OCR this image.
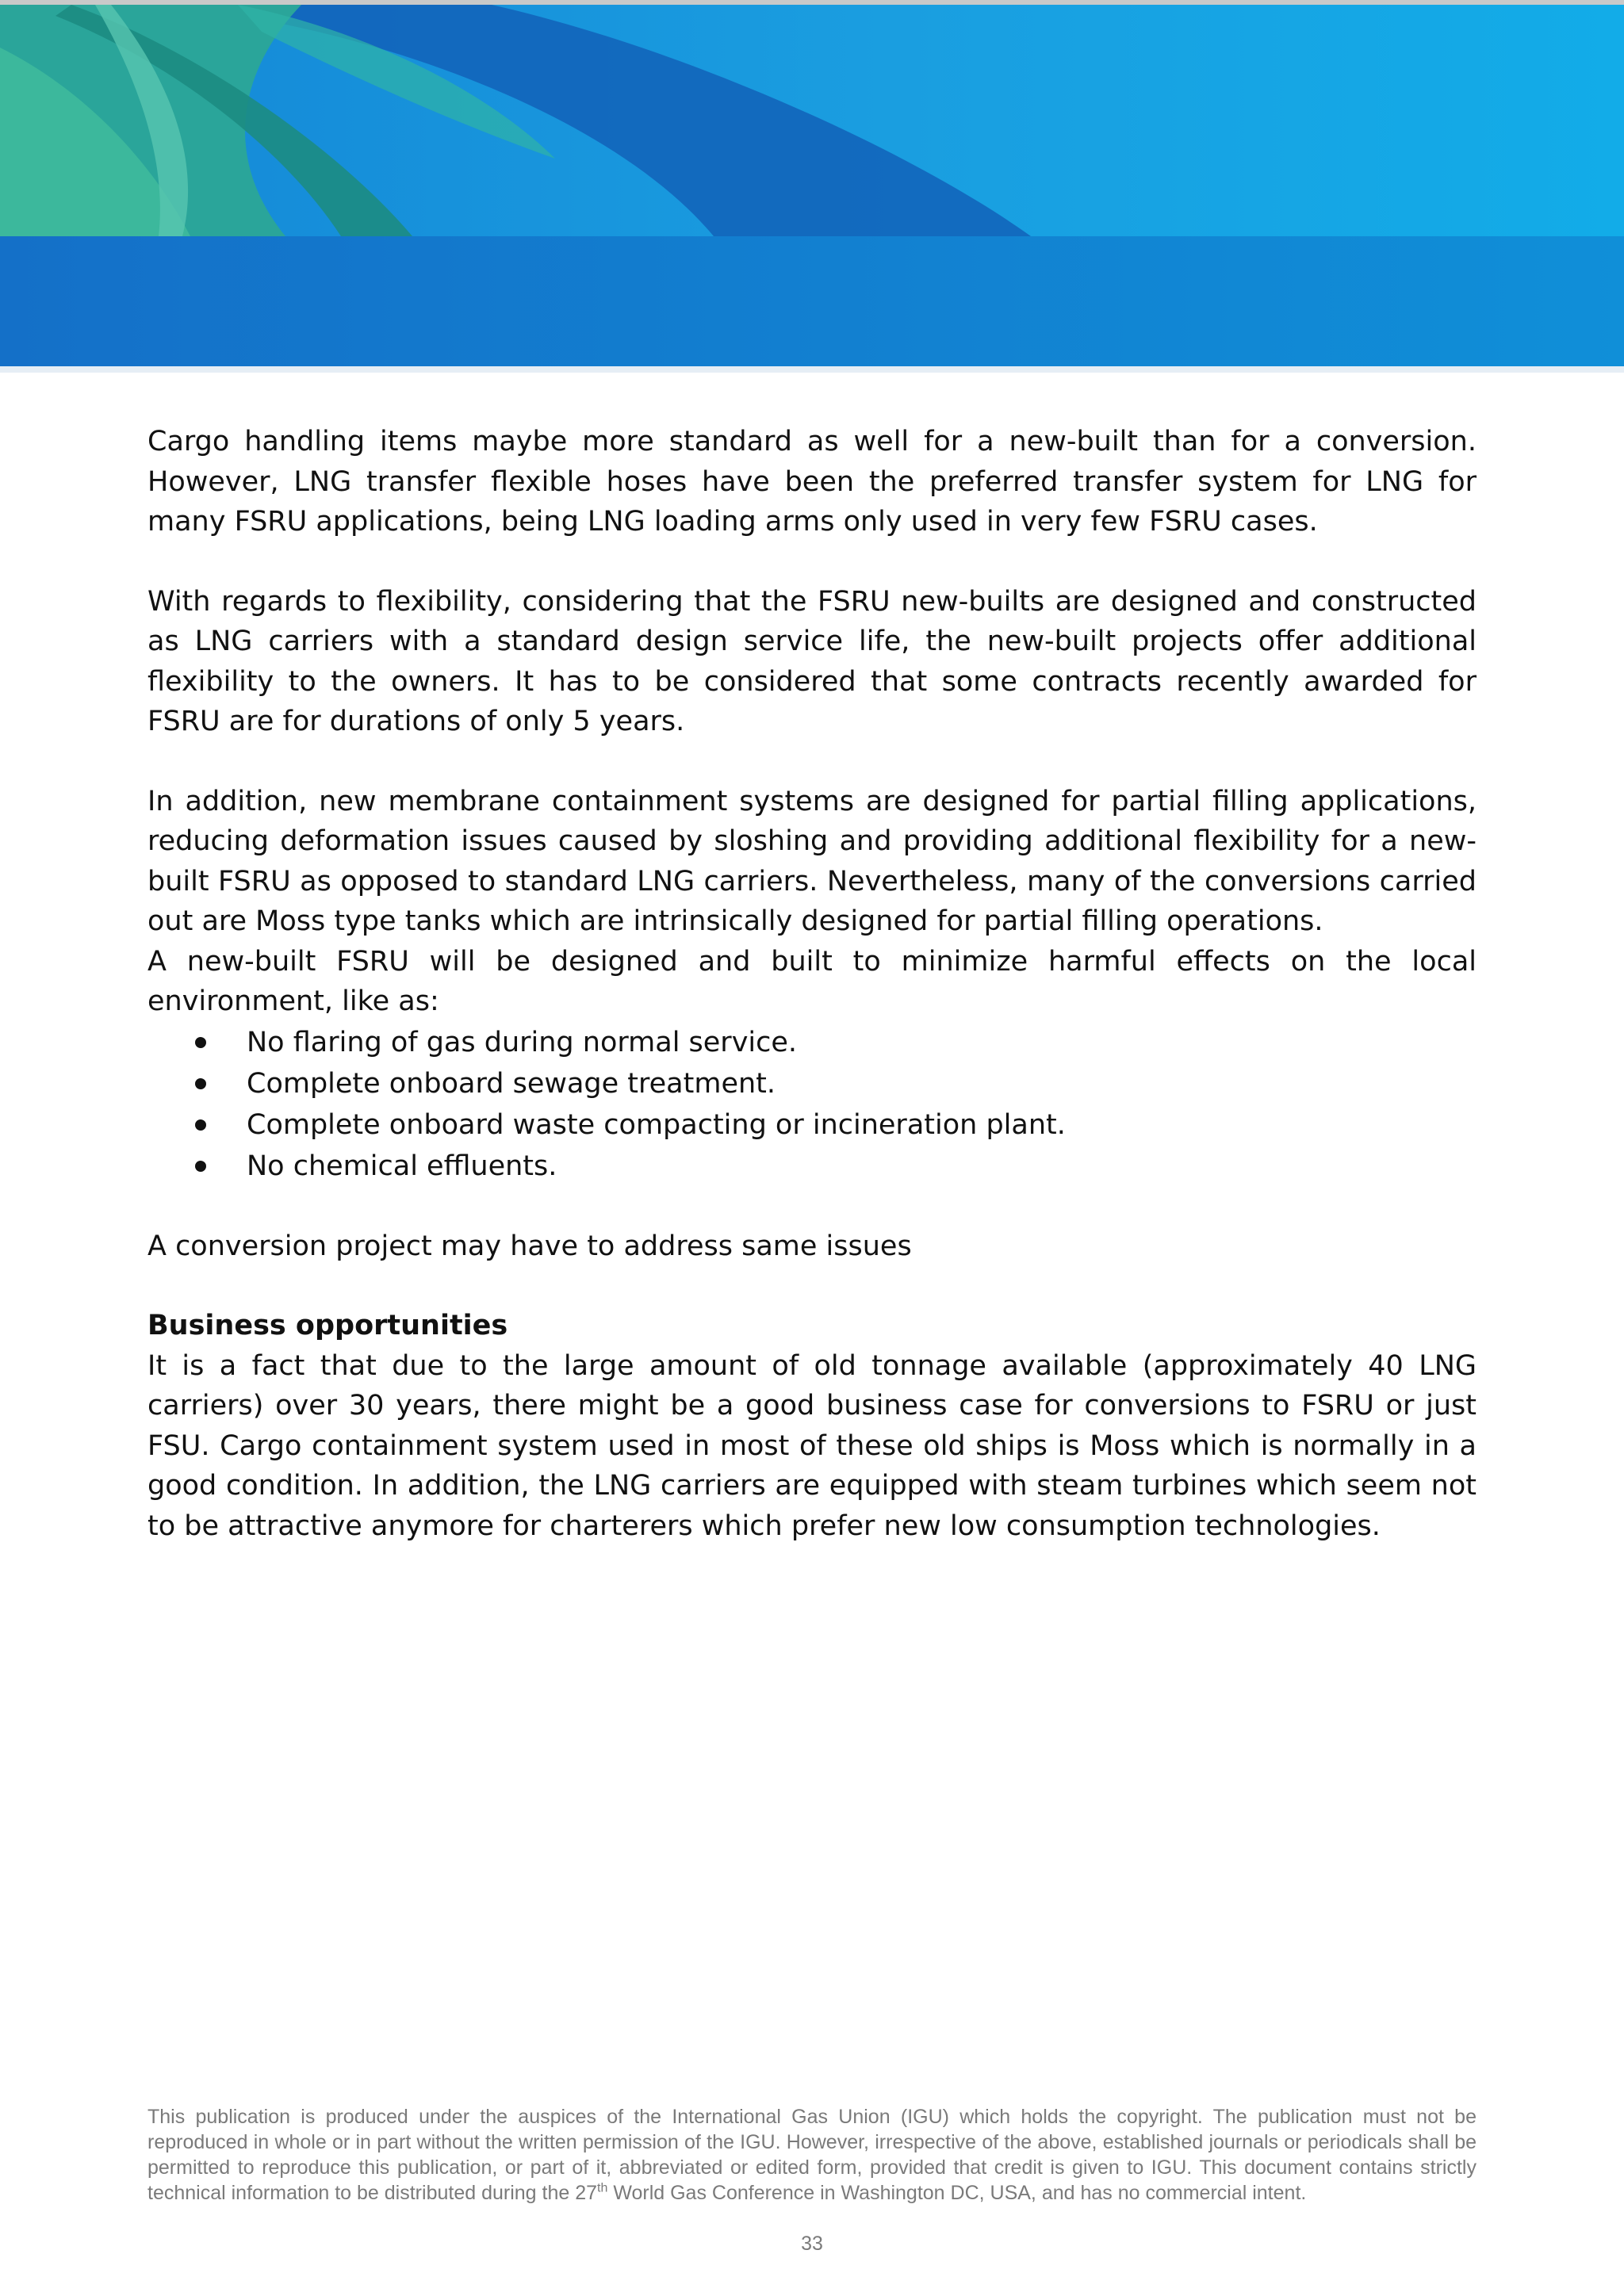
Cargo handling items maybe more standard as well for a new-built than for a conversion. However, LNG transfer flexible hoses have been the preferred transfer system for LNG for many FSRU applications, being LNG loading arms only used in very few FSRU cases.

With regards to flexibility, considering that the FSRU new-builts are designed and constructed as LNG carriers with a standard design service life, the new-built projects offer additional flexibility to the owners. It has to be considered that some contracts recently awarded for FSRU are for durations of only 5 years.

In addition, new membrane containment systems are designed for partial filling applications, reducing deformation issues caused by sloshing and providing additional flexibility for a new-built FSRU as opposed to standard LNG carriers. Nevertheless, many of the conversions carried out are Moss type tanks which are intrinsically designed for partial filling operations.

A new-built FSRU will be designed and built to minimize harmful effects on the local environment, like as:

No flaring of gas during normal service.
Complete onboard sewage treatment.
Complete onboard waste compacting or incineration plant.
No chemical effluents.

A conversion project may have to address same issues

Business opportunities

It is a fact that due to the large amount of old tonnage available (approximately 40 LNG carriers) over 30 years, there might be a good business case for conversions to FSRU or just FSU. Cargo containment system used in most of these old ships is Moss which is normally in a good condition. In addition, the LNG carriers are equipped with steam turbines which seem not to be attractive anymore for charterers which prefer new low consumption technologies.

This publication is produced under the auspices of the International Gas Union (IGU) which holds the copyright. The publication must not be reproduced in whole or in part without the written permission of the IGU. However, irrespective of the above, established journals or periodicals shall be permitted to reproduce this publication, or part of it, abbreviated or edited form, provided that credit is given to IGU. This document contains strictly technical information to be distributed during the 27th World Gas Conference in Washington DC, USA, and has no commercial intent.
33
